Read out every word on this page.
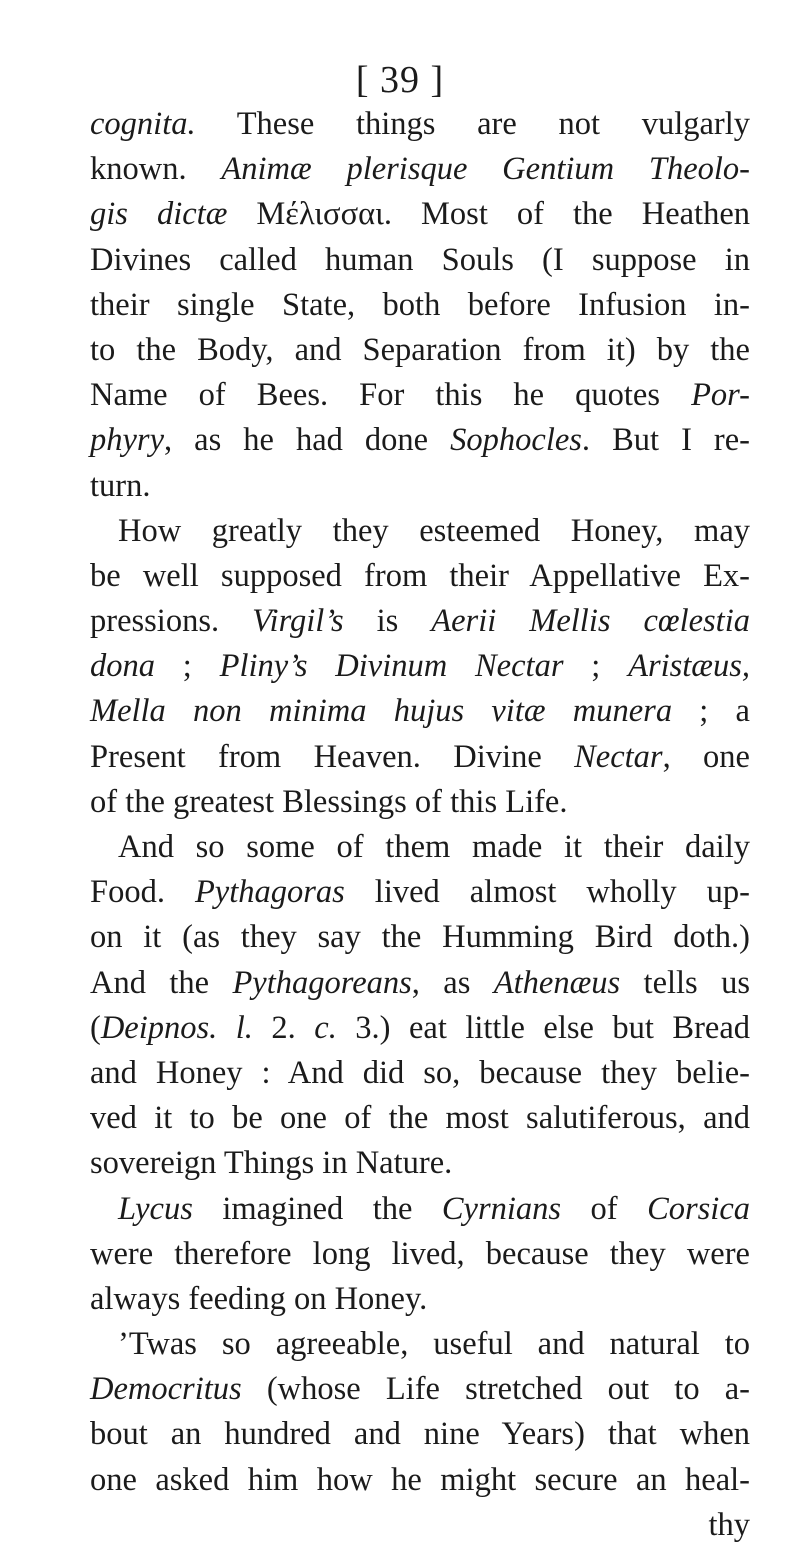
[ 39 ]
cognita. These things are not vulgarly
known. Animæ plerisque Gentium Theolo-
gis dictæ Μέλισσαι. Most of the Heathen
Divines called human Souls (I suppose in
their single State, both before Infusion in-
to the Body, and Separation from it) by the
Name of Bees. For this he quotes Por-
phyry, as he had done Sophocles. But I re-
turn.
How greatly they esteemed Honey, may
be well supposed from their Appellative Ex-
pressions. Virgil’s is Aerii Mellis cœlestia
dona ; Pliny’s Divinum Nectar ; Aristæus,
Mella non minima hujus vitæ munera ; a
Present from Heaven. Divine Nectar, one
of the greatest Blessings of this Life.
And so some of them made it their daily
Food. Pythagoras lived almost wholly up-
on it (as they say the Humming Bird doth.)
And the Pythagoreans, as Athenæus tells us
(Deipnos. l. 2. c. 3.) eat little else but Bread
and Honey : And did so, because they belie-
ved it to be one of the most salutiferous, and
sovereign Things in Nature.
Lycus imagined the Cyrnians of Corsica
were therefore long lived, because they were
always feeding on Honey.
’Twas so agreeable, useful and natural to
Democritus (whose Life stretched out to a-
bout an hundred and nine Years) that when
one asked him how he might secure an heal-
thy
